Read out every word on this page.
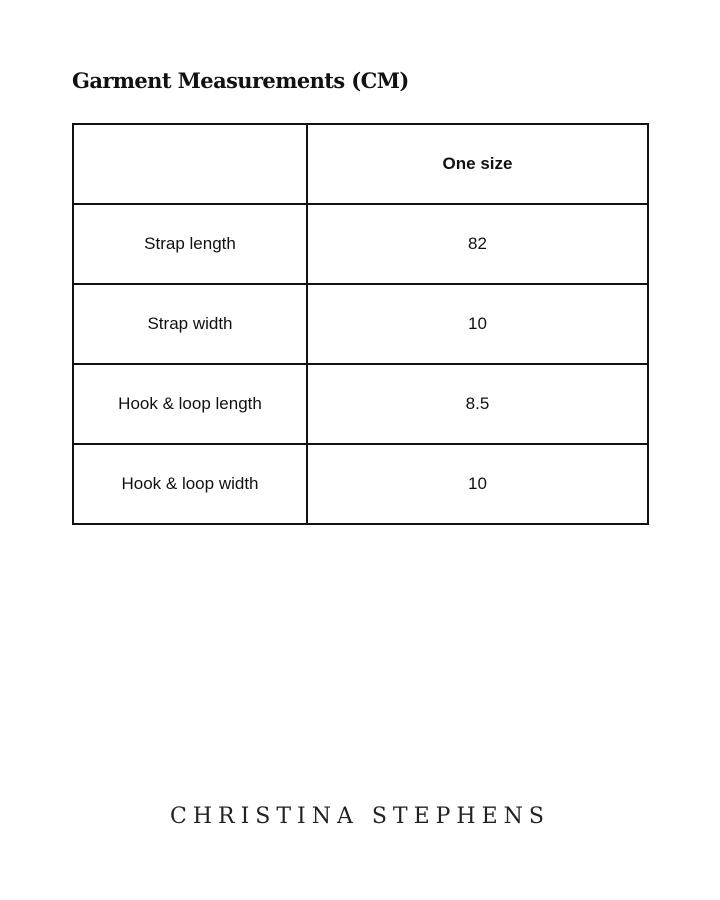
Garment Measurements (CM)
	One size
Strap length	82
Strap width	10
Hook & loop length	8.5
Hook & loop width	10
CHRISTINA STEPHENS
